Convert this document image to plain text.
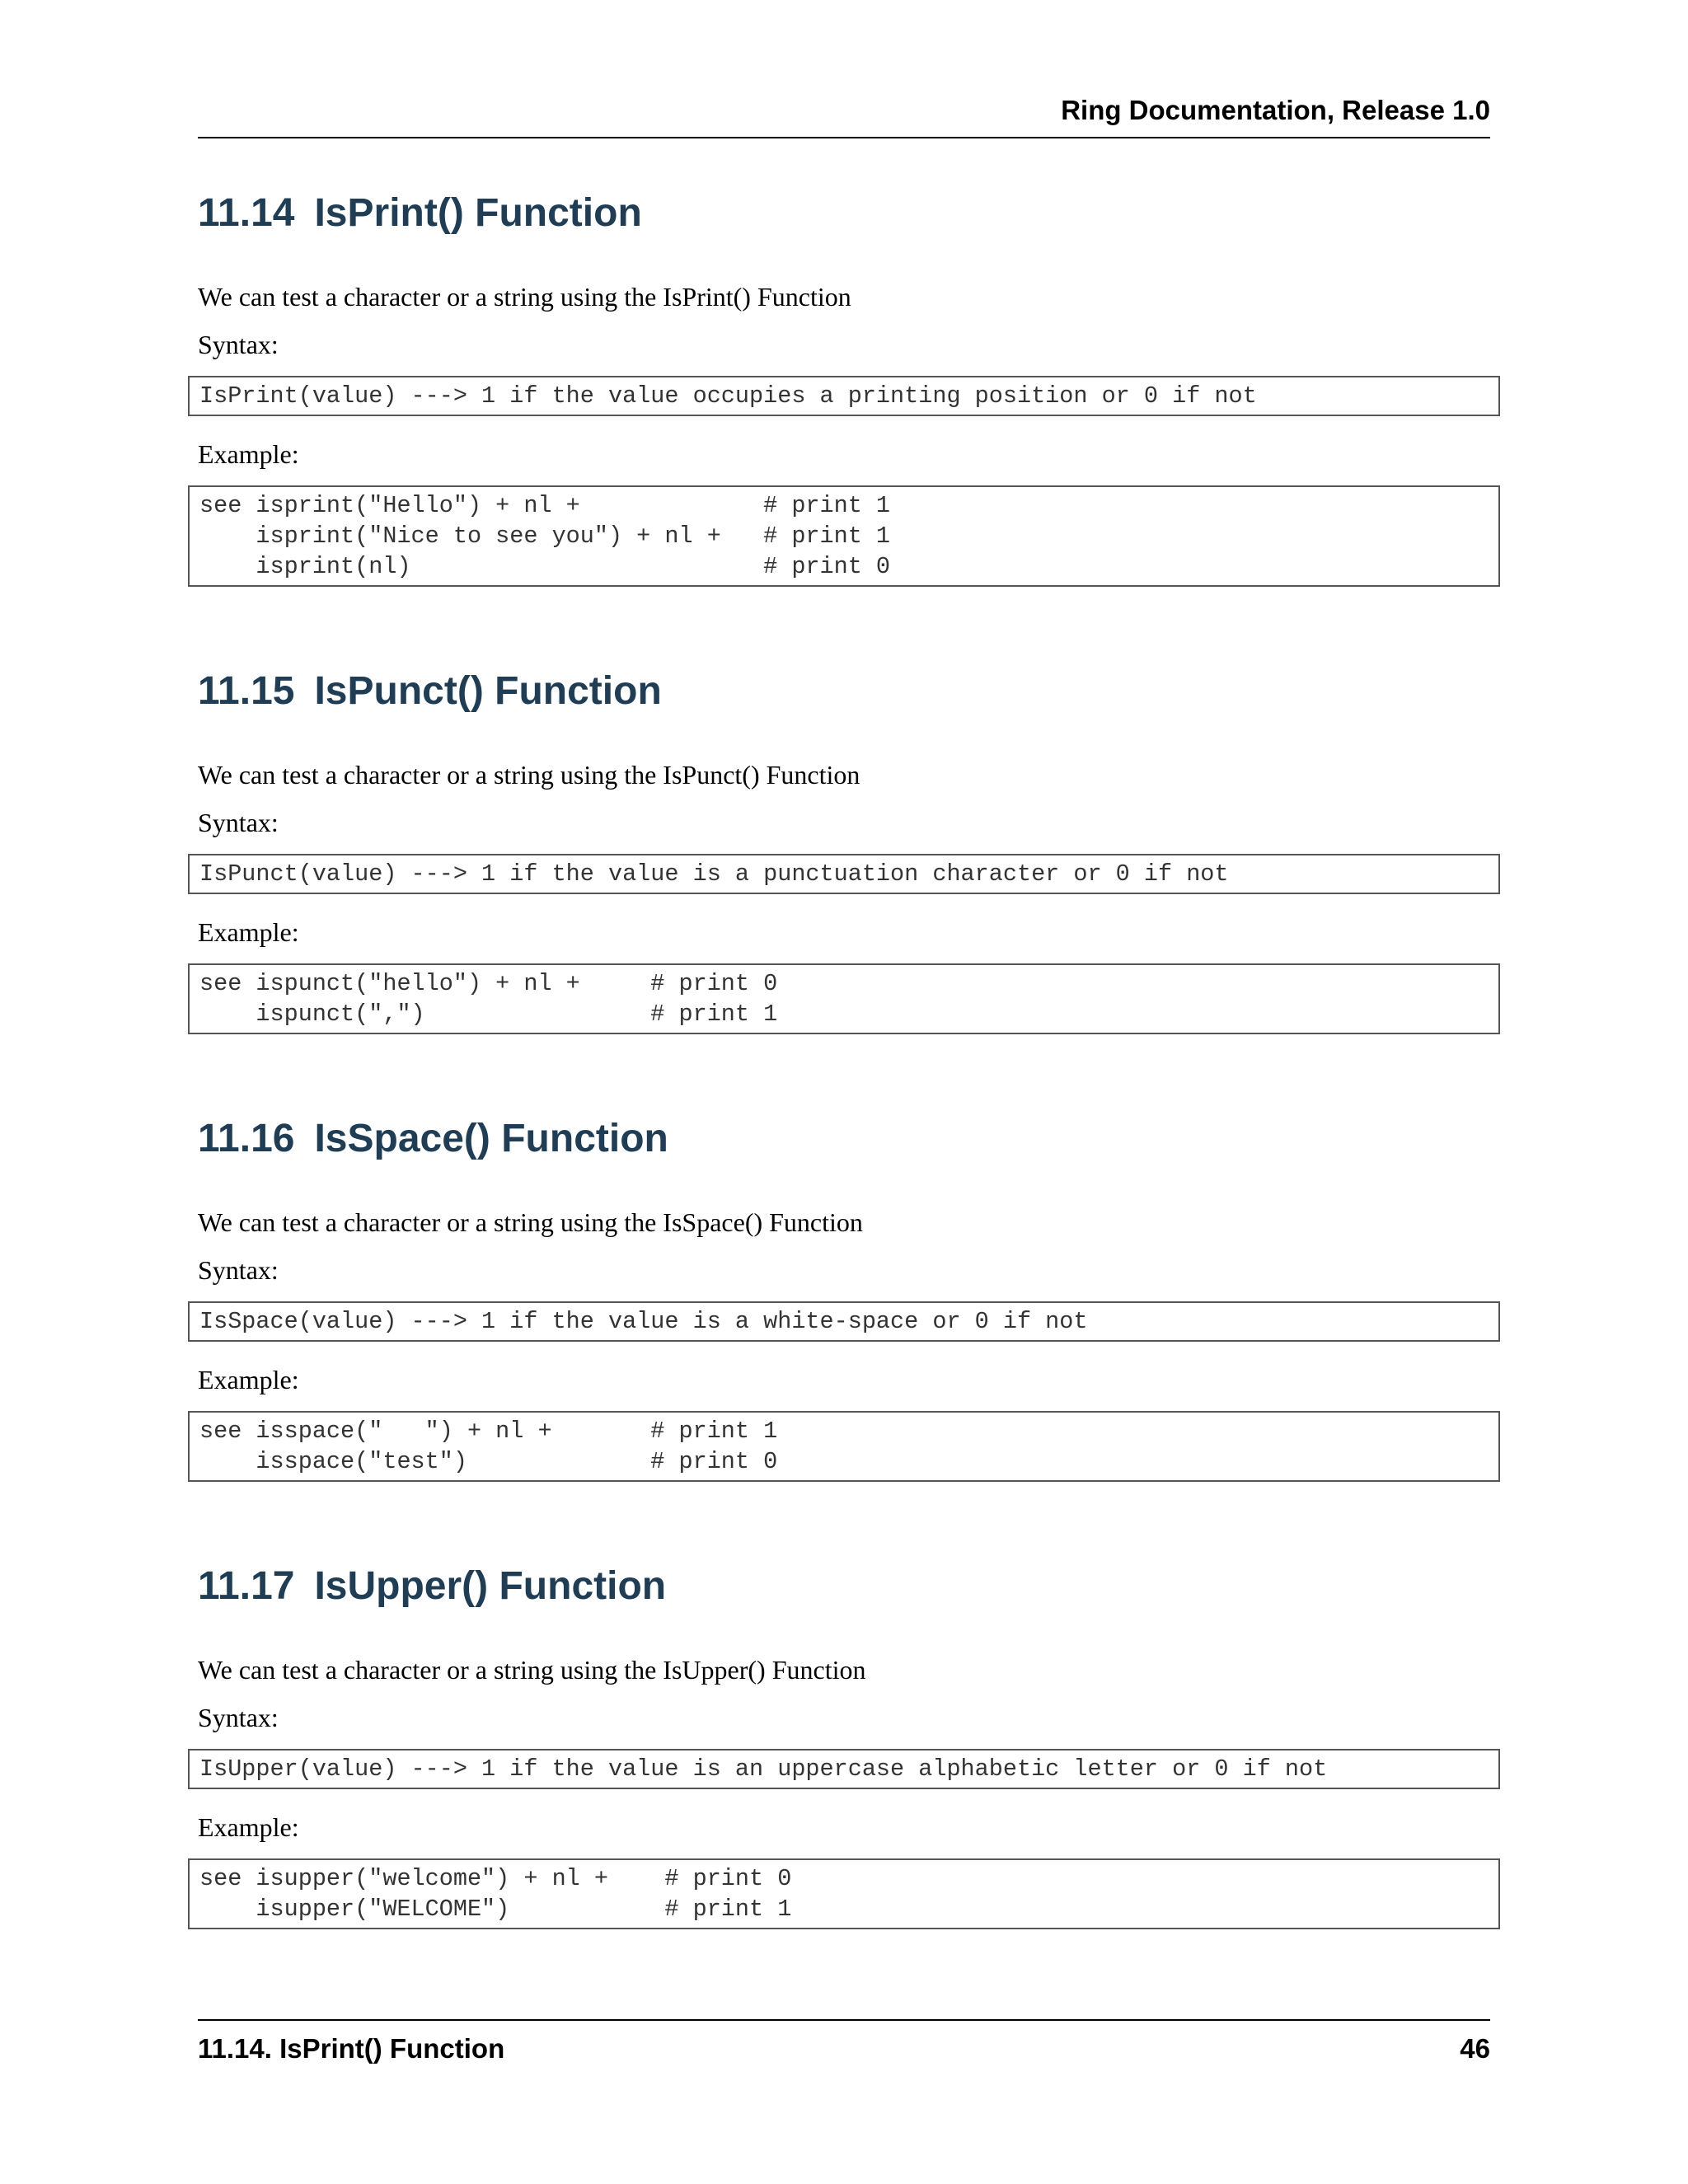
Ring Documentation, Release 1.0
11.14 IsPrint() Function

We can test a character or a string using the IsPrint() Function

Syntax:

IsPrint(value) ---> 1 if the value occupies a printing position or 0 if not

Example:

see isprint("Hello") + nl +             # print 1
isprint("Nice to see you") + nl +   # print 1
isprint(nl)                         # print 0
11.15 IsPunct() Function

We can test a character or a string using the IsPunct() Function

Syntax:

IsPunct(value) ---> 1 if the value is a punctuation character or 0 if not

Example:

see ispunct("hello") + nl +     # print 0
ispunct(",")                # print 1
11.16 IsSpace() Function

We can test a character or a string using the IsSpace() Function

Syntax:

IsSpace(value) ---> 1 if the value is a white-space or 0 if not

Example:

see isspace("   ") + nl +       # print 1
isspace("test")             # print 0
11.17 IsUpper() Function

We can test a character or a string using the IsUpper() Function

Syntax:

IsUpper(value) ---> 1 if the value is an uppercase alphabetic letter or 0 if not

Example:

see isupper("welcome") + nl +    # print 0
isupper("WELCOME")           # print 1
11.14. IsPrint() Function	46
